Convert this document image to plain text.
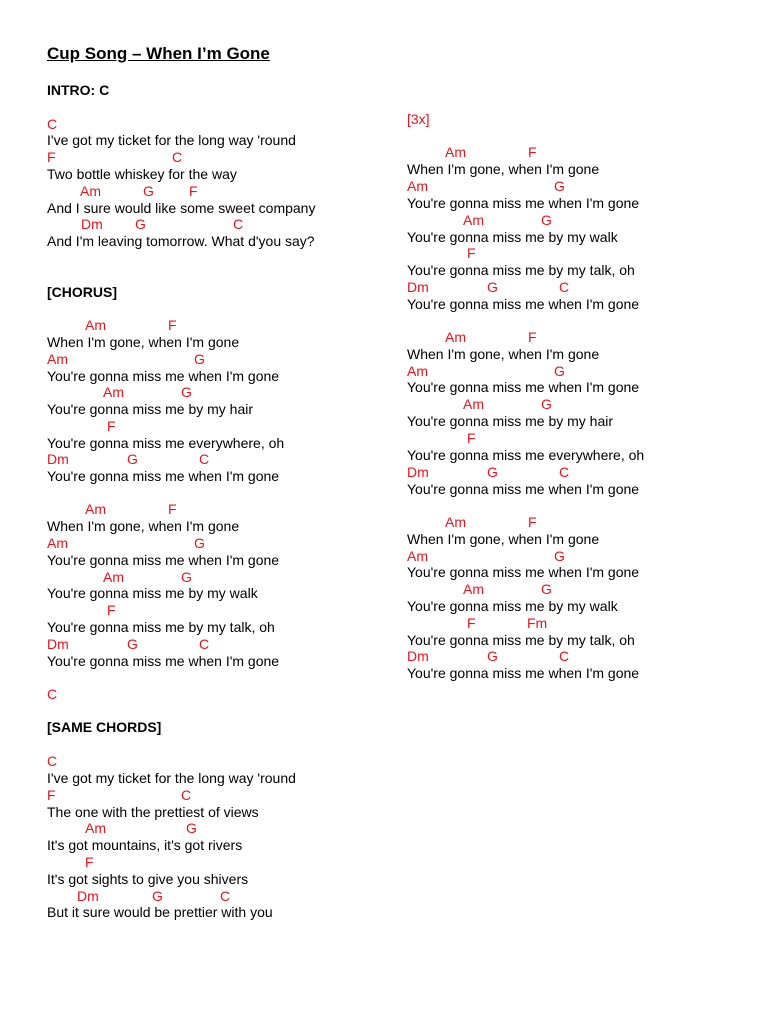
Cup Song – When I’m Gone
INTRO: C
C
I've got my ticket for the long way 'round
F	C
Two bottle whiskey for the way
Am	G	F
And I sure would like some sweet company
Dm G	C
And I'm leaving tomorrow. What d'you say?
[CHORUS]
Am	F
When I'm gone, when I'm gone
Am	G
You're gonna miss me when I'm gone
Am	G
You're gonna miss me by my hair
F
You're gonna miss me everywhere, oh
Dm	G	C
You're gonna miss me when I'm gone
Am	F
When I'm gone, when I'm gone
Am	G
You're gonna miss me when I'm gone
Am	G
You're gonna miss me by my walk
F
You're gonna miss me by my talk, oh
Dm	G	C
You're gonna miss me when I'm gone
C
[SAME CHORDS]
C
I've got my ticket for the long way 'round
F	C
The one with the prettiest of views
Am	G
It's got mountains, it's got rivers
F
It's got sights to give you shivers
Dm	G	C
But it sure would be prettier with you
[3x]
Am	F
When I'm gone, when I'm gone
Am	G
You're gonna miss me when I'm gone
Am	G
You're gonna miss me by my walk
F
You're gonna miss me by my talk, oh
Dm	G	C
You're gonna miss me when I'm gone
Am	F
When I'm gone, when I'm gone
Am	G
You're gonna miss me when I'm gone
Am	G
You're gonna miss me by my hair
F
You're gonna miss me everywhere, oh
Dm	G	C
You're gonna miss me when I'm gone
Am	F
When I'm gone, when I'm gone
Am	G
You're gonna miss me when I'm gone
Am	G
You're gonna miss me by my walk
F	Fm
You're gonna miss me by my talk, oh
Dm	G	C
You're gonna miss me when I'm gone
